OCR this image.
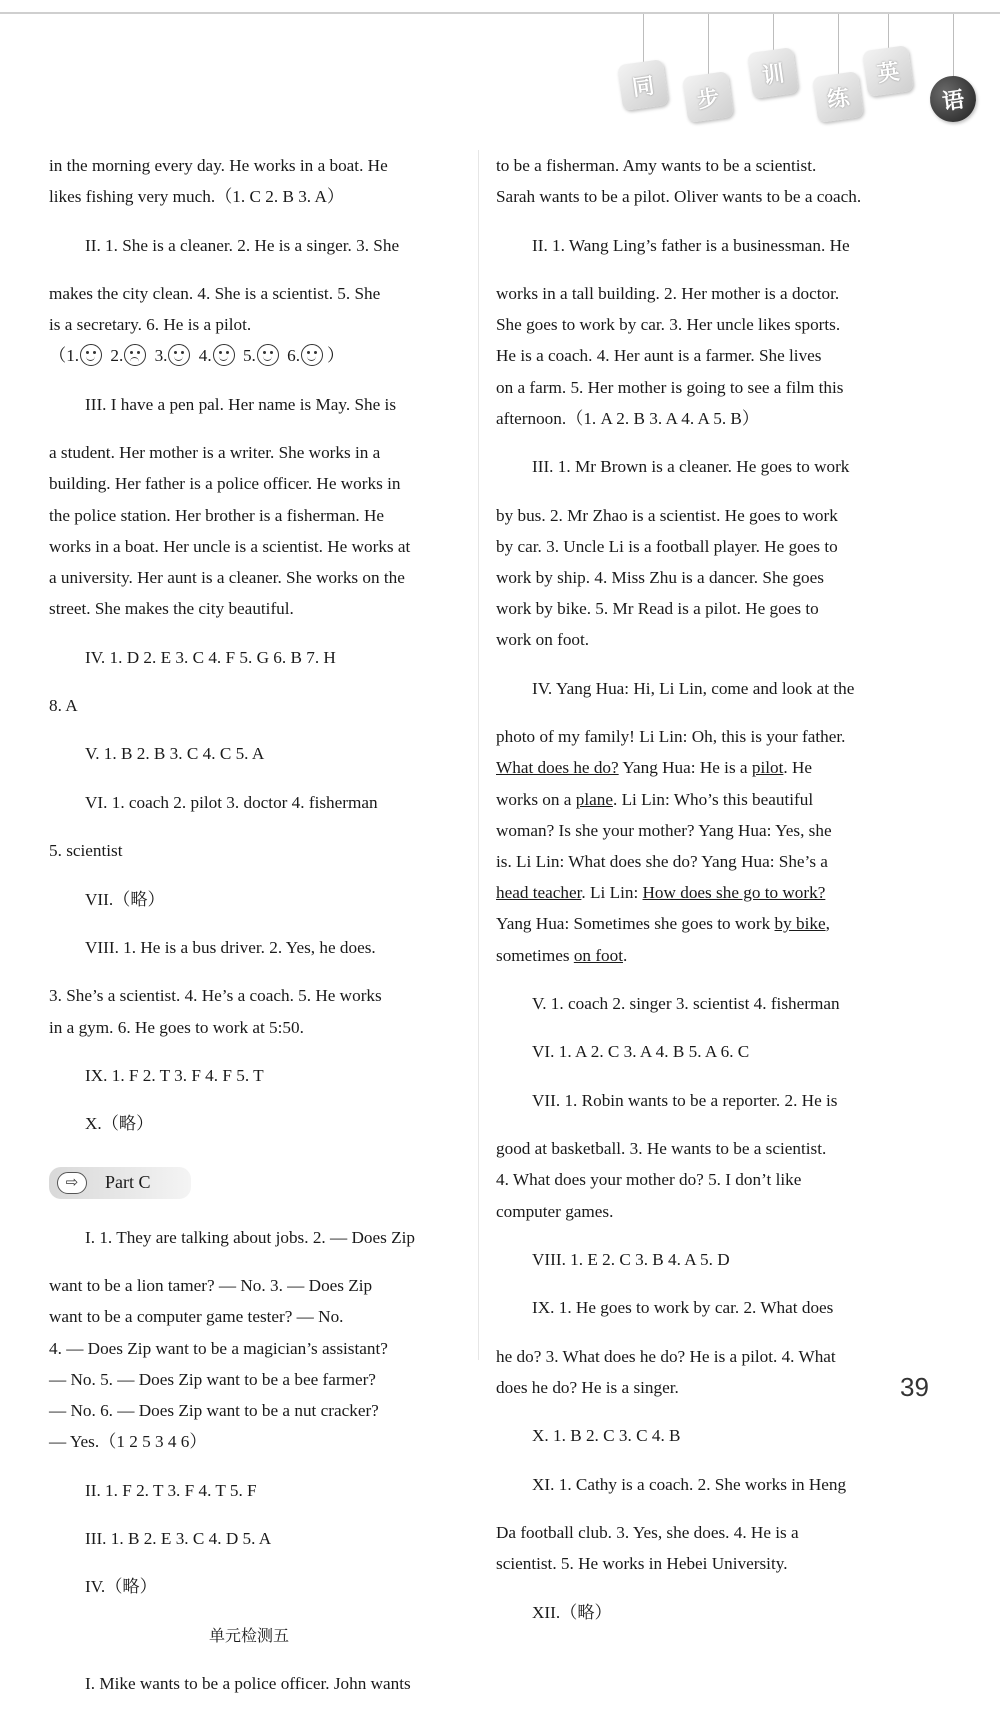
同	步
训
练
英
语

in the morning every day. He works in a boat. He

likes fishing very much.（1. C 2. B 3. A）

II. 1. She is a cleaner. 2. He is a singer. 3. She

makes the city clean. 4. She is a scientist. 5. She

is a secretary. 6. He is a pilot.

（1. 2. 3. 4. 5. 6. ）

III. I have a pen pal. Her name is May. She is

a student. Her mother is a writer. She works in a

building. Her father is a police officer. He works in

the police station. Her brother is a fisherman. He

works in a boat. Her uncle is a scientist. He works at

a university. Her aunt is a cleaner. She works on the

street. She makes the city beautiful.

IV. 1. D 2. E 3. C 4. F 5. G 6. B 7. H

8. A

V. 1. B 2. B 3. C 4. C 5. A

VI. 1. coach 2. pilot 3. doctor 4. fisherman

5. scientist

VII.（略）

VIII. 1. He is a bus driver. 2. Yes, he does.

3. She’s a scientist. 4. He’s a coach. 5. He works

in a gym. 6. He goes to work at 5:50.

IX. 1. F 2. T 3. F 4. F 5. T

X.（略）

⇨	Part C

I. 1. They are talking about jobs. 2. — Does Zip

want to be a lion tamer? — No. 3. — Does Zip

want to be a computer game tester? — No.

4. — Does Zip want to be a magician’s assistant?

— No. 5. — Does Zip want to be a bee farmer?

— No. 6. — Does Zip want to be a nut cracker?

— Yes.（1 2 5 3 4 6）

II. 1. F 2. T 3. F 4. T 5. F

III. 1. B 2. E 3. C 4. D 5. A

IV.（略）

单元检测五

I. Mike wants to be a police officer. John wants

to be a fisherman. Amy wants to be a scientist.

Sarah wants to be a pilot. Oliver wants to be a coach.

II. 1. Wang Ling’s father is a businessman. He

works in a tall building. 2. Her mother is a doctor.

She goes to work by car. 3. Her uncle likes sports.

He is a coach. 4. Her aunt is a farmer. She lives

on a farm. 5. Her mother is going to see a film this

afternoon.（1. A 2. B 3. A 4. A 5. B）

III. 1. Mr Brown is a cleaner. He goes to work

by bus. 2. Mr Zhao is a scientist. He goes to work

by car. 3. Uncle Li is a football player. He goes to

work by ship. 4. Miss Zhu is a dancer. She goes

work by bike. 5. Mr Read is a pilot. He goes to

work on foot.

IV. Yang Hua: Hi, Li Lin, come and look at the

photo of my family! Li Lin: Oh, this is your father.

What does he do? Yang Hua: He is a pilot. He

works on a plane. Li Lin: Who’s this beautiful

woman? Is she your mother? Yang Hua: Yes, she

is. Li Lin: What does she do? Yang Hua: She’s a

head teacher. Li Lin: How does she go to work?

Yang Hua: Sometimes she goes to work by bike,

sometimes on foot.

V. 1. coach 2. singer 3. scientist 4. fisherman

VI. 1. A 2. C 3. A 4. B 5. A 6. C

VII. 1. Robin wants to be a reporter. 2. He is

good at basketball. 3. He wants to be a scientist.

4. What does your mother do? 5. I don’t like

computer games.

VIII. 1. E 2. C 3. B 4. A 5. D

IX. 1. He goes to work by car. 2. What does

he do? 3. What does he do? He is a pilot. 4. What

does he do? He is a singer.

X. 1. B 2. C 3. C 4. B

XI. 1. Cathy is a coach. 2. She works in Heng

Da football club. 3. Yes, she does. 4. He is a

scientist. 5. He works in Hebei University.

XII.（略）

39
